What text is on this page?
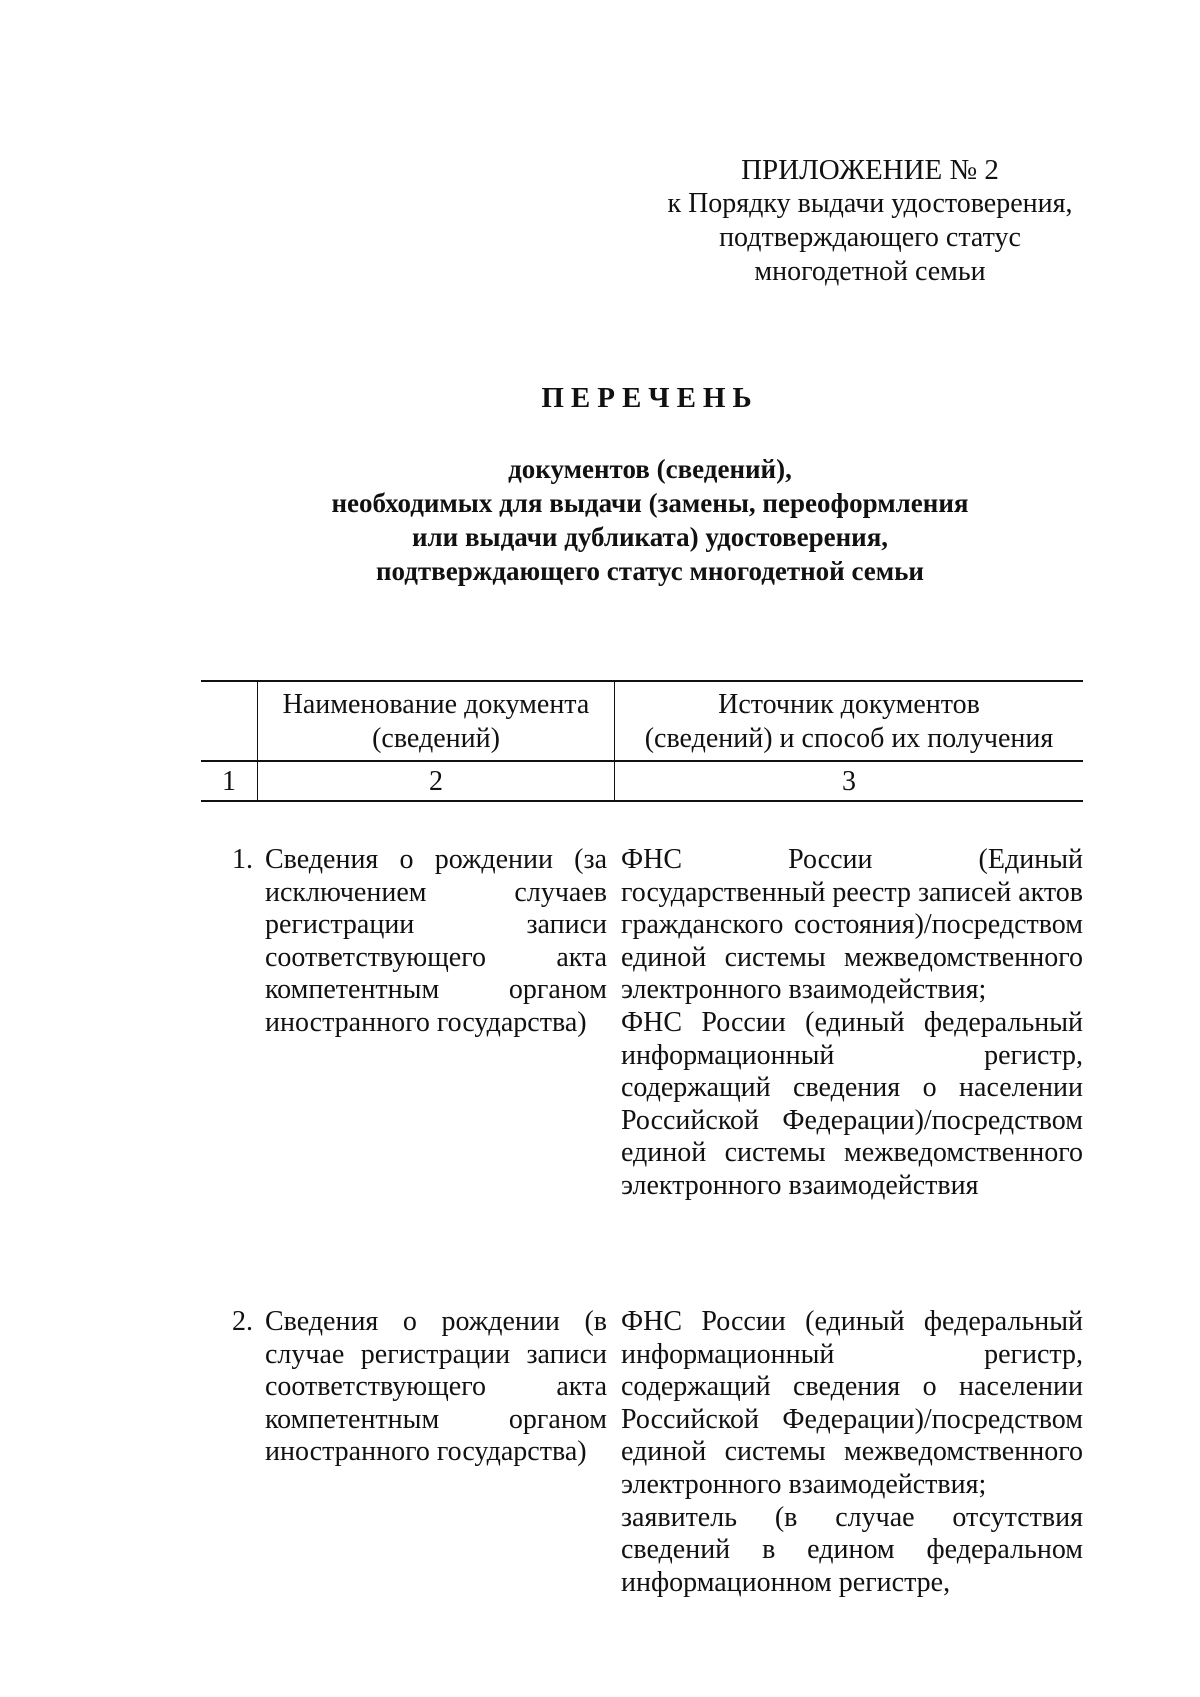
ПРИЛОЖЕНИЕ № 2
к Порядку выдачи удостоверения,
подтверждающего статус
многодетной семьи
ПЕРЕЧЕНЬ
документов (сведений),
необходимых для выдачи (замены, переоформления
или выдачи дубликата) удостоверения,
подтверждающего статус многодетной семьи
Наименование документа
(сведений)
Источник документов
(сведений) и способ их получения
1	2	3
1. Сведения о рождении (за исключением случаев регистрации записи соответствующего акта компетентным органом иностранного государства)

ФНС России (Единый государственный реестр записей актов гражданского состояния)/посредством единой системы межведомственного электронного взаимодействия;

ФНС России (единый федеральный информационный регистр, содержащий сведения о населении Российской Федерации)/посредством единой системы межведомственного электронного взаимодействия

2. Сведения о рождении (в случае регистрации записи соответствующего акта компетентным органом иностранного государства)

ФНС России (единый федеральный информационный регистр, содержащий сведения о населении Российской Федерации)/посредством единой системы межведомственного электронного взаимодействия;

заявитель (в случае отсутствия сведений в едином федеральном информационном регистре,
